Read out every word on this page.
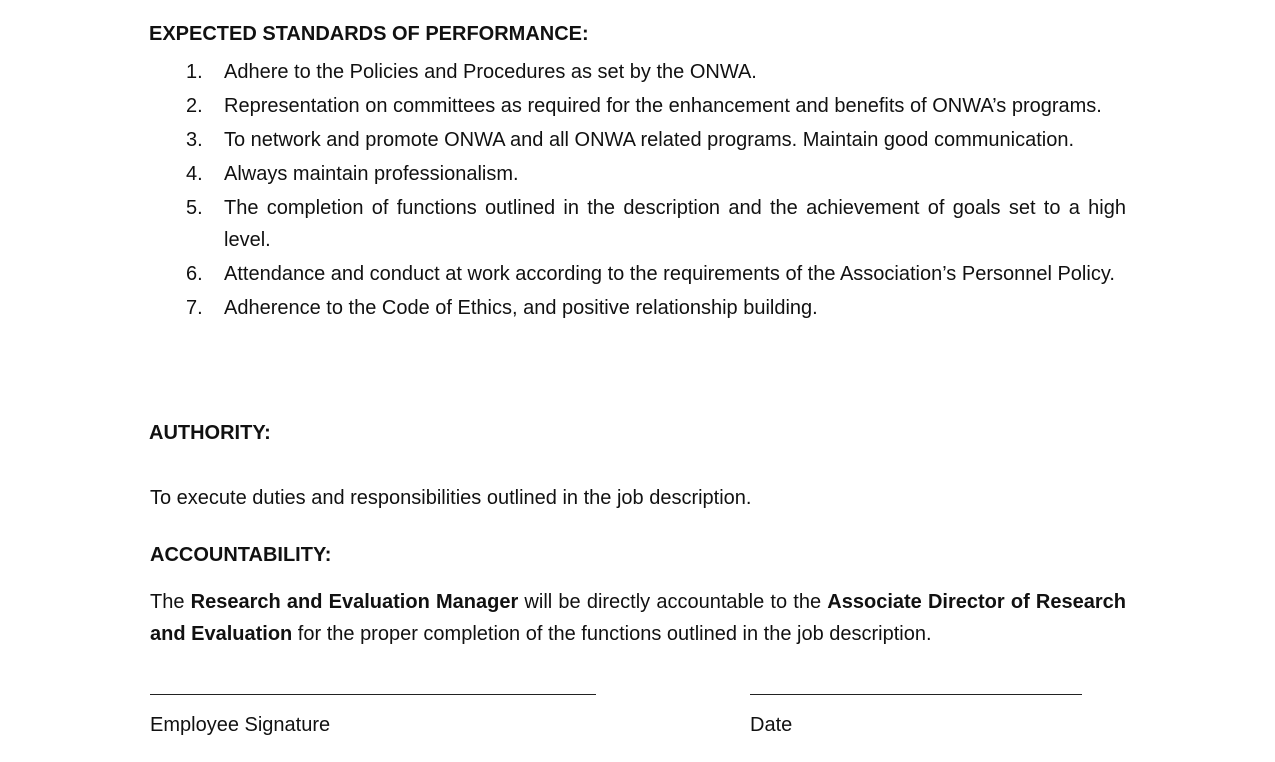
EXPECTED STANDARDS OF PERFORMANCE:
1. Adhere to the Policies and Procedures as set by the ONWA.
2. Representation on committees as required for the enhancement and benefits of ONWA’s programs.
3. To network and promote ONWA and all ONWA related programs. Maintain good communication.
4. Always maintain professionalism.
5. The completion of functions outlined in the description and the achievement of goals set to a high level.
6. Attendance and conduct at work according to the requirements of the Association’s Personnel Policy.
7. Adherence to the Code of Ethics, and positive relationship building.
AUTHORITY:
To execute duties and responsibilities outlined in the job description.
ACCOUNTABILITY:
The Research and Evaluation Manager will be directly accountable to the Associate Director of Research and Evaluation for the proper completion of the functions outlined in the job description.
Employee Signature	Date
